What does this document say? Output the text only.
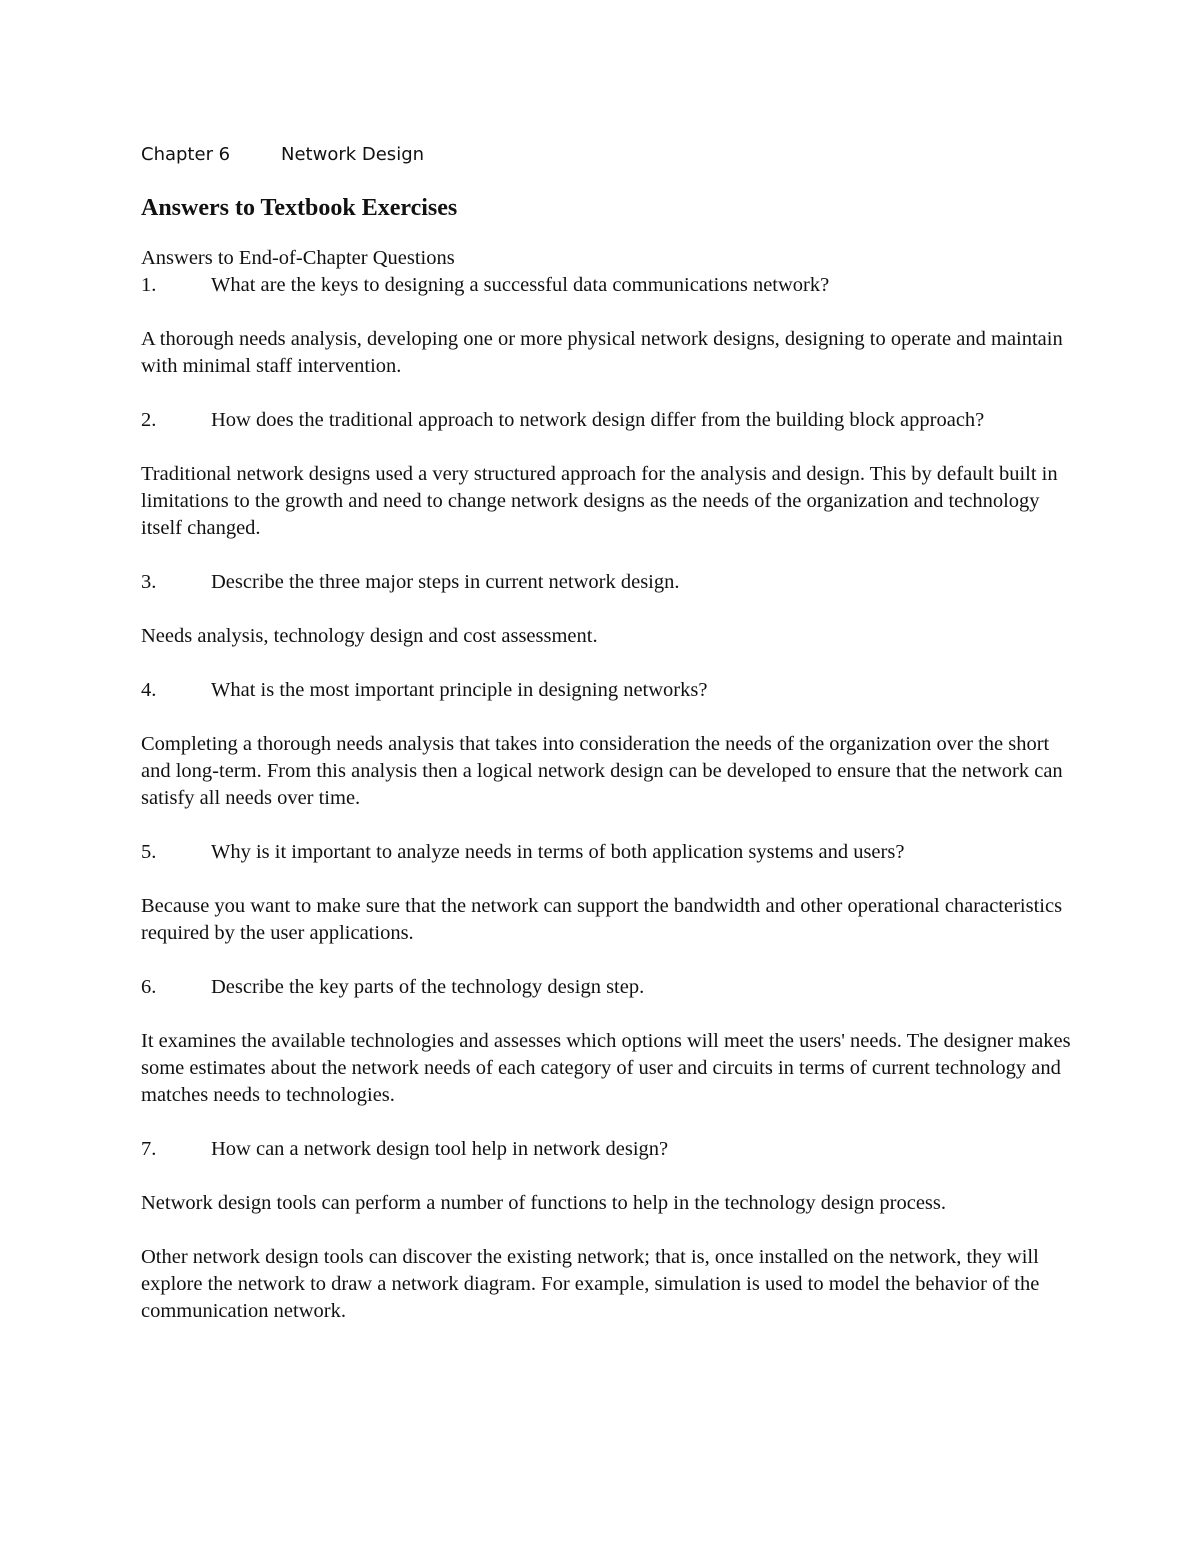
Chapter 6	Network Design
Answers to Textbook Exercises

Answers to End-of-Chapter Questions

1.	What are the keys to designing a successful data communications network?

A thorough needs analysis, developing one or more physical network designs, designing to operate and maintain with minimal staff intervention.

2.	How does the traditional approach to network design differ from the building block approach?

Traditional network designs used a very structured approach for the analysis and design. This by default built in limitations to the growth and need to change network designs as the needs of the organization and technology itself changed.

3.	Describe the three major steps in current network design.

Needs analysis, technology design and cost assessment.

4.	What is the most important principle in designing networks?

Completing a thorough needs analysis that takes into consideration the needs of the organization over the short and long-term. From this analysis then a logical network design can be developed to ensure that the network can satisfy all needs over time.

5.	Why is it important to analyze needs in terms of both application systems and users?

Because you want to make sure that the network can support the bandwidth and other operational characteristics required by the user applications.

6.	Describe the key parts of the technology design step.

It examines the available technologies and assesses which options will meet the users' needs. The designer makes some estimates about the network needs of each category of user and circuits in terms of current technology and matches needs to technologies.

7.	How can a network design tool help in network design?

Network design tools can perform a number of functions to help in the technology design process.

Other network design tools can discover the existing network; that is, once installed on the network, they will explore the network to draw a network diagram. For example, simulation is used to model the behavior of the communication network.
